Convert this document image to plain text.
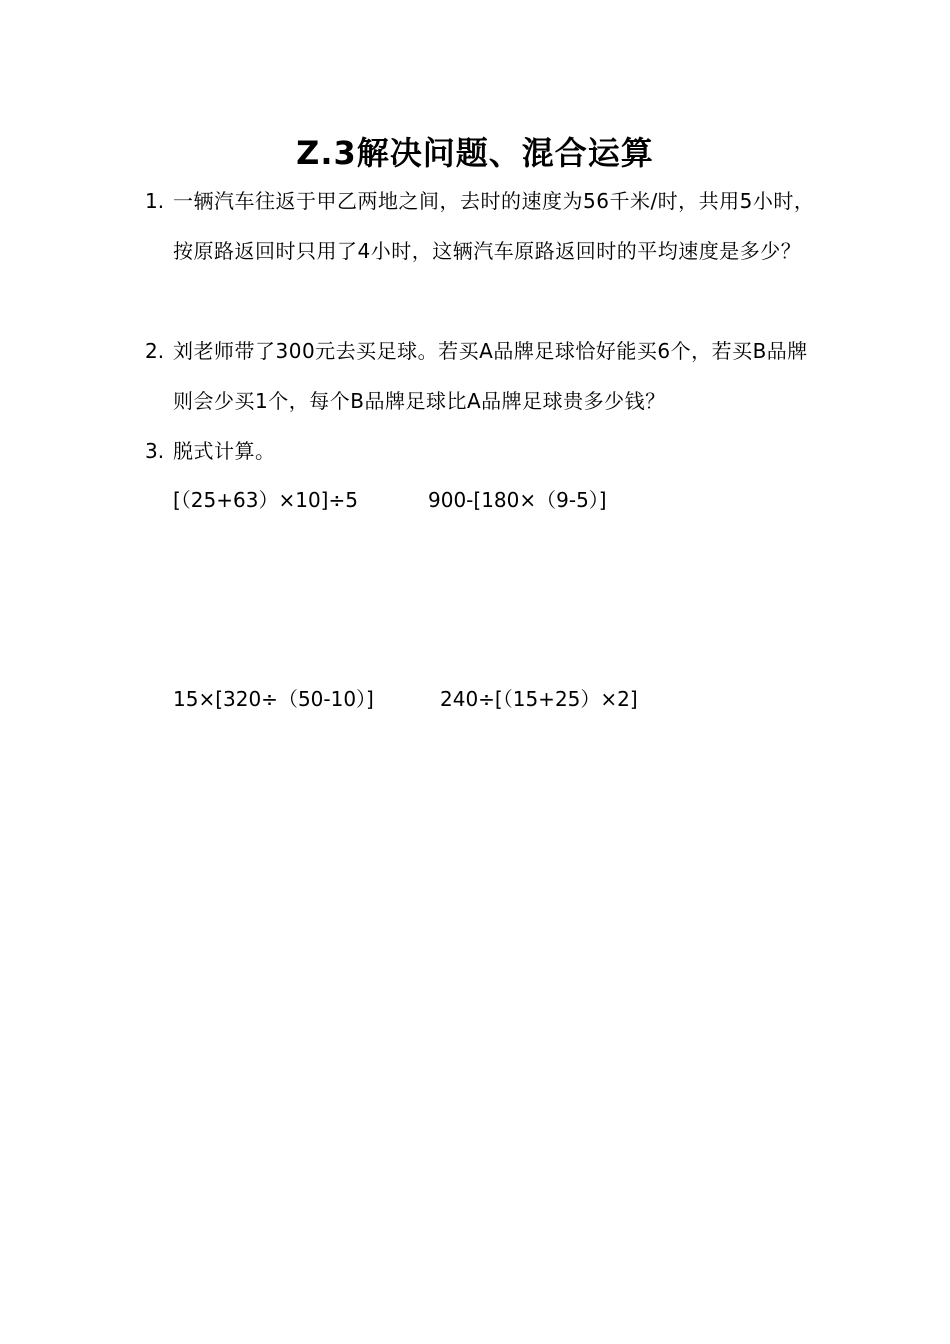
Z.3解决问题、混合运算
1. 一辆汽车往返于甲乙两地之间，去时的速度为56千米/时，共用5小时，按原路返回时只用了4小时，这辆汽车原路返回时的平均速度是多少？
2. 刘老师带了300元去买足球。若买A品牌足球恰好能买6个，若买B品牌则会少买1个，每个B品牌足球比A品牌足球贵多少钱？
3. 脱式计算。
[（25+63）×10]÷5	900-[180×（9-5）]
15×[320÷（50-10）]	240÷[（15+25）×2]
